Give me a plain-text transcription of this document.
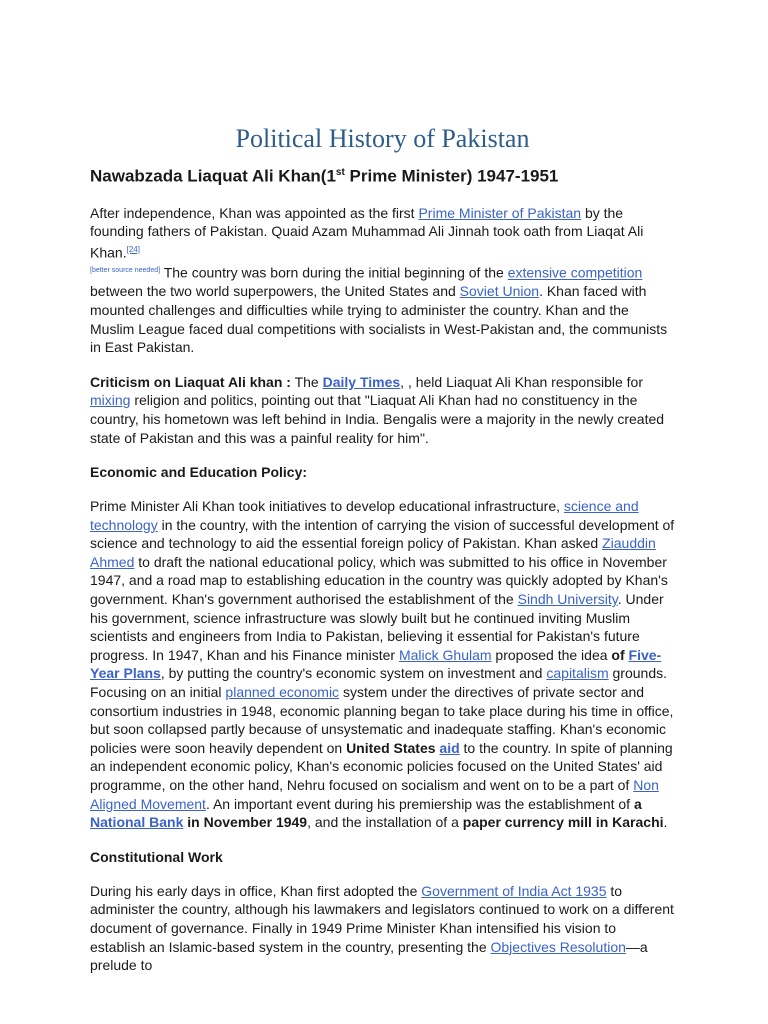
Political History of Pakistan
Nawabzada Liaquat Ali Khan(1st Prime Minister) 1947-1951

After independence, Khan was appointed as the first Prime Minister of Pakistan by the founding fathers of Pakistan. Quaid Azam Muhammad Ali Jinnah took oath from Liaqat Ali Khan.[24]
[better source needed] The country was born during the initial beginning of the extensive competition between the two world superpowers, the United States and Soviet Union. Khan faced with mounted challenges and difficulties while trying to administer the country. Khan and the Muslim League faced dual competitions with socialists in West-Pakistan and, the communists in East Pakistan.

Criticism on Liaquat Ali khan : The Daily Times, , held Liaquat Ali Khan responsible for mixing religion and politics, pointing out that "Liaquat Ali Khan had no constituency in the country, his hometown was left behind in India. Bengalis were a majority in the newly created state of Pakistan and this was a painful reality for him".

Economic and Education Policy:

Prime Minister Ali Khan took initiatives to develop educational infrastructure, science and technology in the country, with the intention of carrying the vision of successful development of science and technology to aid the essential foreign policy of Pakistan. Khan asked Ziauddin Ahmed to draft the national educational policy, which was submitted to his office in November 1947, and a road map to establishing education in the country was quickly adopted by Khan's government. Khan's government authorised the establishment of the Sindh University. Under his government, science infrastructure was slowly built but he continued inviting Muslim scientists and engineers from India to Pakistan, believing it essential for Pakistan's future progress. In 1947, Khan and his Finance minister Malick Ghulam proposed the idea of Five-Year Plans, by putting the country's economic system on investment and capitalism grounds. Focusing on an initial planned economic system under the directives of private sector and consortium industries in 1948, economic planning began to take place during his time in office, but soon collapsed partly because of unsystematic and inadequate staffing. Khan's economic policies were soon heavily dependent on United States aid to the country. In spite of planning an independent economic policy, Khan's economic policies focused on the United States' aid programme, on the other hand, Nehru focused on socialism and went on to be a part of Non Aligned Movement. An important event during his premiership was the establishment of a National Bank in November 1949, and the installation of a paper currency mill in Karachi.

Constitutional Work

During his early days in office, Khan first adopted the Government of India Act 1935 to administer the country, although his lawmakers and legislators continued to work on a different document of governance. Finally in 1949 Prime Minister Khan intensified his vision to establish an Islamic-based system in the country, presenting the Objectives Resolution—a prelude to
